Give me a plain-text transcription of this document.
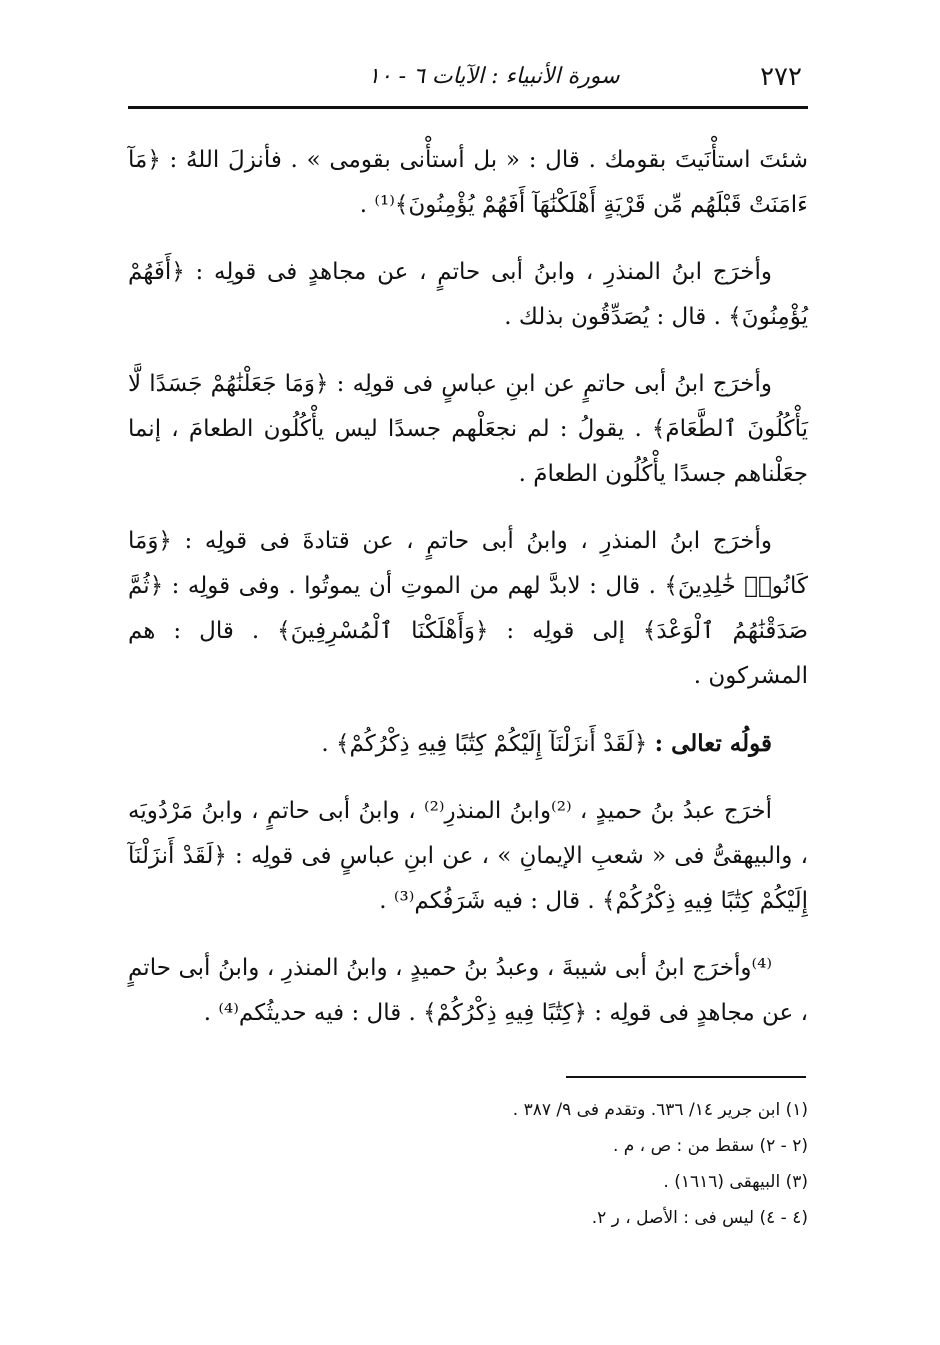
٢٧٢
سورة الأنبياء : الآيات ٦ - ١٠

شئتَ استأْنَيتَ بقومك . قال : « بل أستأْنى بقومى » . فأنزلَ اللهُ : ﴿مَآ ءَامَنَتْ قَبْلَهُم مِّن قَرْيَةٍ أَهْلَكْنَٰهَآ أَفَهُمْ يُؤْمِنُونَ﴾⁽¹⁾ .

وأخرَج ابنُ المنذرِ ، وابنُ أبى حاتمٍ ، عن مجاهدٍ فى قولِه : ﴿أَفَهُمْ يُؤْمِنُونَ﴾ . قال : يُصَدِّقُون بذلك .

وأخرَج ابنُ أبى حاتمٍ عن ابنِ عباسٍ فى قولِه : ﴿وَمَا جَعَلْنَٰهُمْ جَسَدًا لَّا يَأْكُلُونَ ٱلطَّعَامَ﴾ . يقولُ : لم نجعَلْهم جسدًا ليس يأْكُلُون الطعامَ ، إنما جعَلْناهم جسدًا يأْكُلُون الطعامَ .

وأخرَج ابنُ المنذرِ ، وابنُ أبى حاتمٍ ، عن قتادةَ فى قولِه : ﴿وَمَا كَانُوا۟ خَٰلِدِينَ﴾ . قال : لابدَّ لهم من الموتِ أن يموتُوا . وفى قولِه : ﴿ثُمَّ صَدَقْنَٰهُمُ ٱلْوَعْدَ﴾ إلى قولِه : ﴿وَأَهْلَكْنَا ٱلْمُسْرِفِينَ﴾ . قال : هم المشركون .

قولُه تعالى : ﴿لَقَدْ أَنزَلْنَآ إِلَيْكُمْ كِتَٰبًا فِيهِ ذِكْرُكُمْ﴾ .

أخرَج عبدُ بنُ حميدٍ ، ⁽²⁾وابنُ المنذرِ⁽²⁾ ، وابنُ أبى حاتمٍ ، وابنُ مَرْدُويَه ، والبيهقىُّ فى « شعبِ الإيمانِ » ، عن ابنِ عباسٍ فى قولِه : ﴿لَقَدْ أَنزَلْنَآ إِلَيْكُمْ كِتَٰبًا فِيهِ ذِكْرُكُمْ﴾ . قال : فيه شَرَفُكم⁽³⁾ .

⁽⁴⁾وأخرَج ابنُ أبى شيبةَ ، وعبدُ بنُ حميدٍ ، وابنُ المنذرِ ، وابنُ أبى حاتمٍ ، عن مجاهدٍ فى قولِه : ﴿كِتَٰبًا فِيهِ ذِكْرُكُمْ﴾ . قال : فيه حديثُكم⁽⁴⁾ .

(١) ابن جرير ١٤/ ٦٣٦. وتقدم فى ٩/ ٣٨٧ .
(٢ - ٢) سقط من : ص ، م .
(٣) البيهقى (١٦١٦) .
(٤ - ٤) ليس فى : الأصل ، ر ٢.
